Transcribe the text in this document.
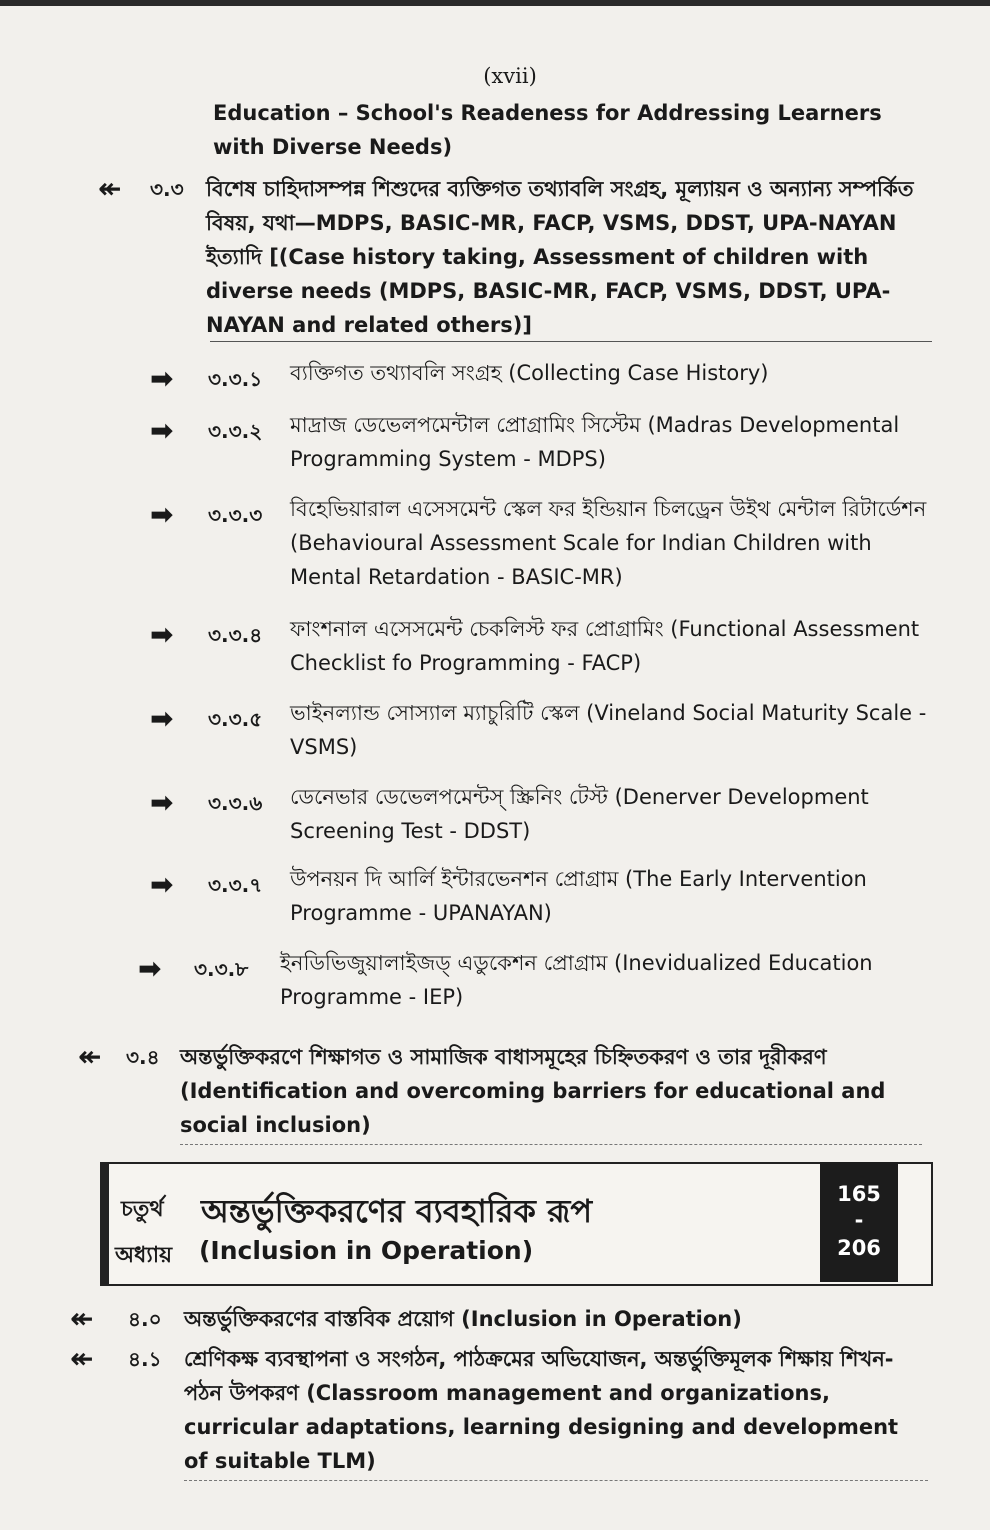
(xvii)
Education – School's Readeness for Addressing Learners with Diverse Needs)
↞ ৩.৩ বিশেষ চাহিদাসম্পন্ন শিশুদের ব্যক্তিগত তথ্যাবলি সংগ্রহ, মূল্যায়ন ও অন্যান্য সম্পর্কিত বিষয়, যথা—MDPS, BASIC-MR, FACP, VSMS, DDST, UPA-NAYAN ইত্যাদি [(Case history taking, Assessment of children with diverse needs (MDPS, BASIC-MR, FACP, VSMS, DDST, UPA-NAYAN and related others)]
➡ ৩.৩.১ ব্যক্তিগত তথ্যাবলি সংগ্রহ (Collecting Case History)
➡ ৩.৩.২ মাদ্রাজ ডেভেলপমেন্টাল প্রোগ্রামিং সিস্টেম (Madras Developmental Programming System - MDPS)
➡ ৩.৩.৩ বিহেভিয়ারাল এসেসমেন্ট স্কেল ফর ইন্ডিয়ান চিলড্রেন উইথ মেন্টাল রিটার্ডেশন (Behavioural Assessment Scale for Indian Children with Mental Retardation - BASIC-MR)
➡ ৩.৩.৪ ফাংশনাল এসেসমেন্ট চেকলিস্ট ফর প্রোগ্রামিং (Functional Assessment Checklist fo Programming - FACP)
➡ ৩.৩.৫ ভাইনল্যান্ড সোস্যাল ম্যাচুরিটি স্কেল (Vineland Social Maturity Scale - VSMS)
➡ ৩.৩.৬ ডেনেভার ডেভেলপমেন্টস্ স্ক্রিনিং টেস্ট (Denerver Development Screening Test - DDST)
➡ ৩.৩.৭ উপনয়ন দি আর্লি ইন্টারভেনশন প্রোগ্রাম (The Early Intervention Programme - UPANAYAN)
➡ ৩.৩.৮ ইনডিভিজুয়ালাইজড্ এডুকেশন প্রোগ্রাম (Inevidualized Education Programme - IEP)
↞ ৩.৪ অন্তর্ভুক্তিকরণে শিক্ষাগত ও সামাজিক বাধাসমূহের চিহ্নিতকরণ ও তার দূরীকরণ (Identification and overcoming barriers for educational and social inclusion)
চতুর্থ
অধ্যায়
অন্তর্ভুক্তিকরণের ব্যবহারিক রূপ
(Inclusion in Operation)
165
-
206
↞ ৪.০ অন্তর্ভুক্তিকরণের বাস্তবিক প্রয়োগ (Inclusion in Operation)
↞ ৪.১ শ্রেণিকক্ষ ব্যবস্থাপনা ও সংগঠন, পাঠক্রমের অভিযোজন, অন্তর্ভুক্তিমূলক শিক্ষায় শিখন-পঠন উপকরণ (Classroom management and organizations, curricular adaptations, learning designing and development of suitable TLM)
